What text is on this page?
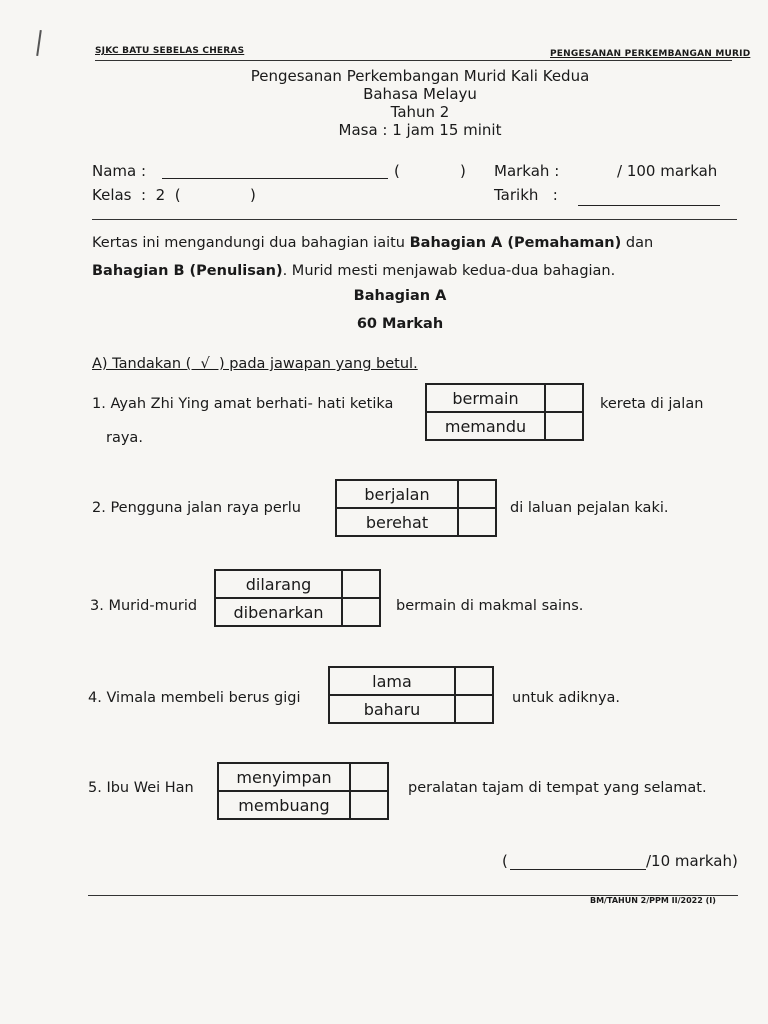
SJKC BATU SEBELAS CHERAS	PENGESANAN PERKEMBANGAN MURID
Pengesanan Perkembangan Murid Kali Kedua
Bahasa Melayu
Tahun 2
Masa : 1 jam 15 minit
Nama :	(	) Markah :	/ 100 markah
Kelas  :  2  (	)	Tarikh   :
Kertas ini mengandungi dua bahagian iaitu Bahagian A (Pemahaman) dan
Bahagian B (Penulisan). Murid mesti menjawab kedua-dua bahagian.
Bahagian A
60 Markah
A) Tandakan (  √  ) pada jawapan yang betul.
1. Ayah Zhi Ying amat berhati- hati ketika	bermain	
memandu	
kereta di jalan
raya.
2. Pengguna jalan raya perlu
berjalan	
berehat	
di laluan pejalan kaki.
3. Murid-murid
dilarang	
dibenarkan		bermain di makmal sains.
4. Vimala membeli berus gigi
lama	
baharu	
untuk adiknya.
5. Ibu Wei Han
menyimpan	
membuang	
peralatan tajam di tempat yang selamat.
(	/10 markah)
BM/TAHUN 2/PPM II/2022 (I)
